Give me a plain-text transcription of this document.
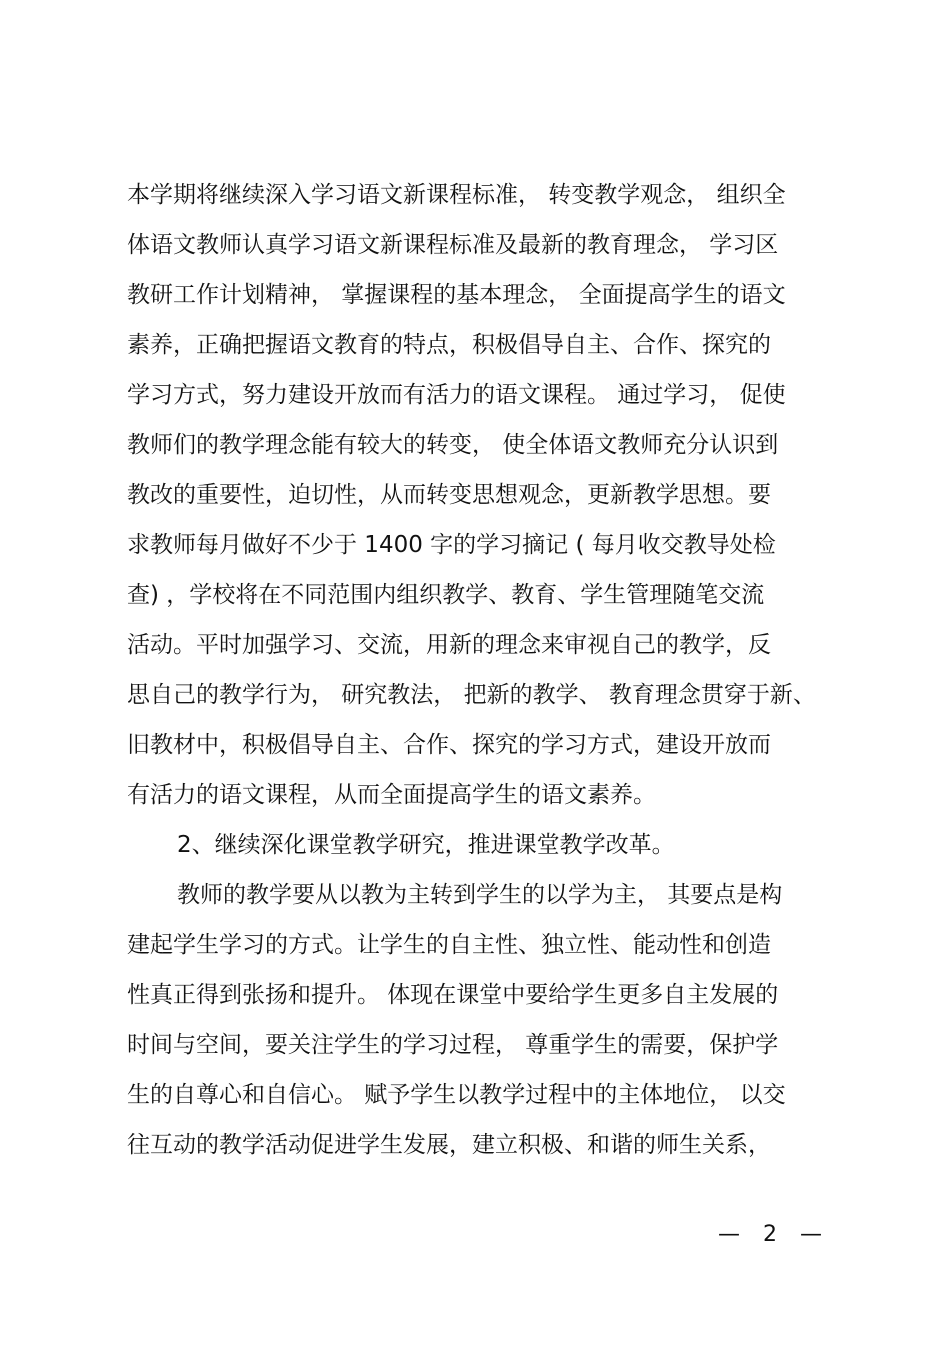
本学期将继续深入学习语文新课程标准， 转变教学观念， 组织全
体语文教师认真学习语文新课程标准及最新的教育理念， 学习区
教研工作计划精神， 掌握课程的基本理念， 全面提高学生的语文
素养，正确把握语文教育的特点，积极倡导自主、合作、探究的
学习方式，努力建设开放而有活力的语文课程。 通过学习， 促使
教师们的教学理念能有较大的转变， 使全体语文教师充分认识到
教改的重要性，迫切性，从而转变思想观念，更新教学思想。要
求教师每月做好不少于 1400 字的学习摘记 ( 每月收交教导处检
查) ，学校将在不同范围内组织教学、教育、学生管理随笔交流
活动。平时加强学习、交流，用新的理念来审视自己的教学，反
思自己的教学行为， 研究教法， 把新的教学、 教育理念贯穿于新、
旧教材中，积极倡导自主、合作、探究的学习方式，建设开放而
有活力的语文课程，从而全面提高学生的语文素养。
2、继续深化课堂教学研究，推进课堂教学改革。
教师的教学要从以教为主转到学生的以学为主， 其要点是构
建起学生学习的方式。让学生的自主性、独立性、能动性和创造
性真正得到张扬和提升。 体现在课堂中要给学生更多自主发展的
时间与空间，要关注学生的学习过程， 尊重学生的需要，保护学
生的自尊心和自信心。 赋予学生以教学过程中的主体地位， 以交
往互动的教学活动促进学生发展，建立积极、和谐的师生关系，
— 2 —
